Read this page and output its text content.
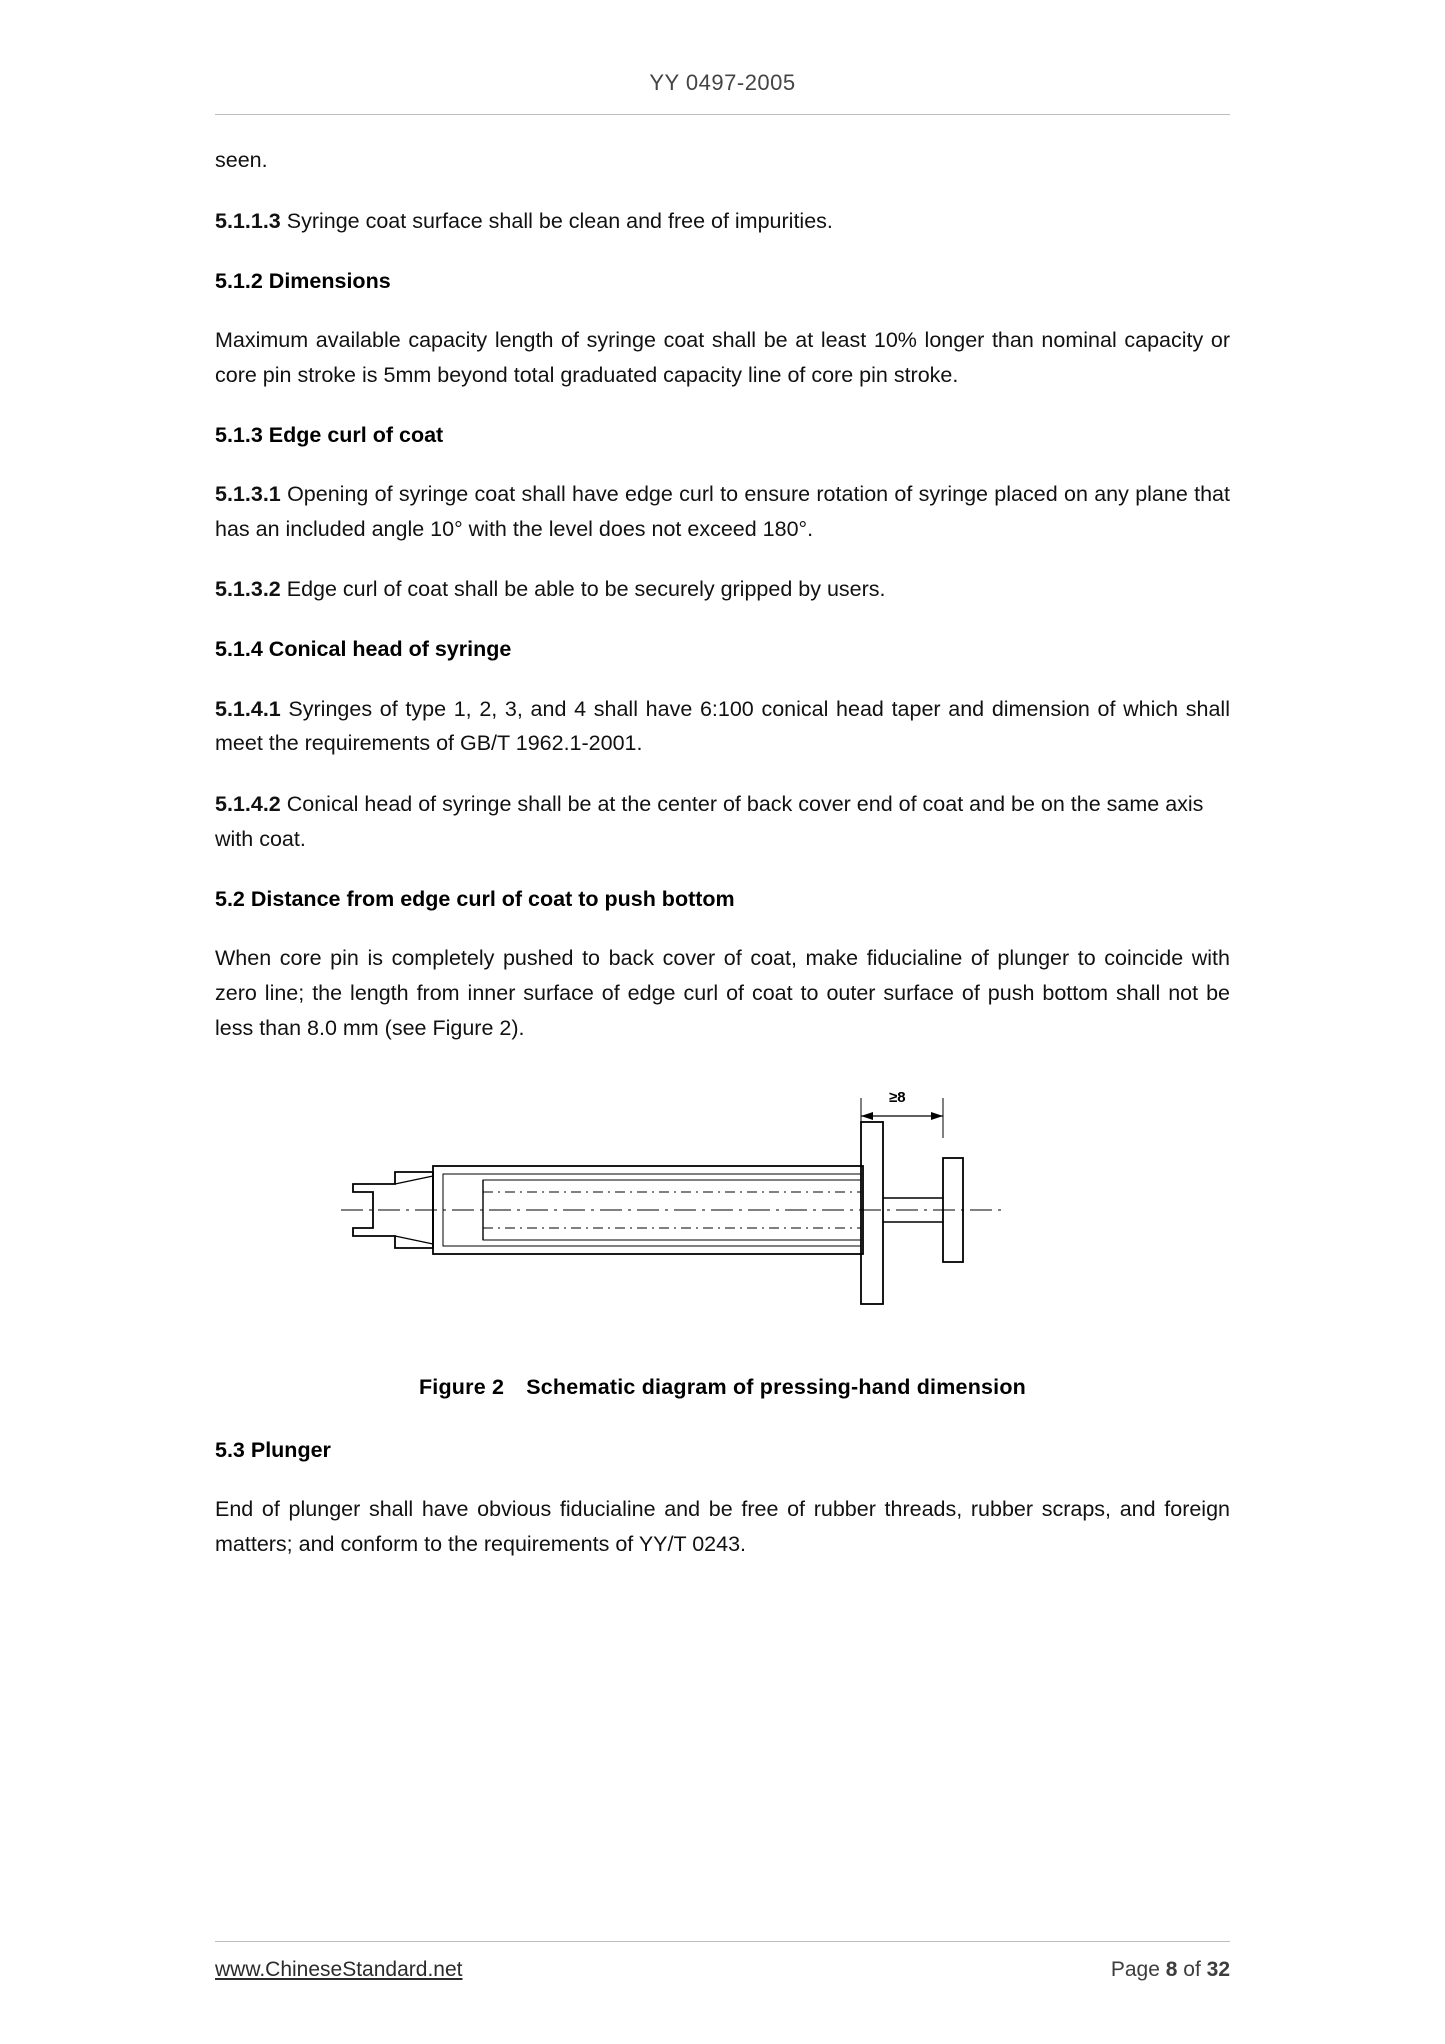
YY 0497-2005

seen.

5.1.1.3 Syringe coat surface shall be clean and free of impurities.

5.1.2 Dimensions

Maximum available capacity length of syringe coat shall be at least 10% longer than nominal capacity or core pin stroke is 5mm beyond total graduated capacity line of core pin stroke.

5.1.3 Edge curl of coat

5.1.3.1 Opening of syringe coat shall have edge curl to ensure rotation of syringe placed on any plane that has an included angle 10° with the level does not exceed 180°.

5.1.3.2 Edge curl of coat shall be able to be securely gripped by users.

5.1.4 Conical head of syringe

5.1.4.1 Syringes of type 1, 2, 3, and 4 shall have 6:100 conical head taper and dimension of which shall meet the requirements of GB/T 1962.1-2001.

5.1.4.2 Conical head of syringe shall be at the center of back cover end of coat and be on the same axis with coat.

5.2 Distance from edge curl of coat to push bottom

When core pin is completely pushed to back cover of coat, make fiducialine of plunger to coincide with zero line; the length from inner surface of edge curl of coat to outer surface of push bottom shall not be less than 8.0 mm (see Figure 2).

≥8
Figure 2 Schematic diagram of pressing-hand dimension
5.3 Plunger

End of plunger shall have obvious fiducialine and be free of rubber threads, rubber scraps, and foreign matters; and conform to the requirements of YY/T 0243.

www.ChineseStandard.net	Page 8 of 32
